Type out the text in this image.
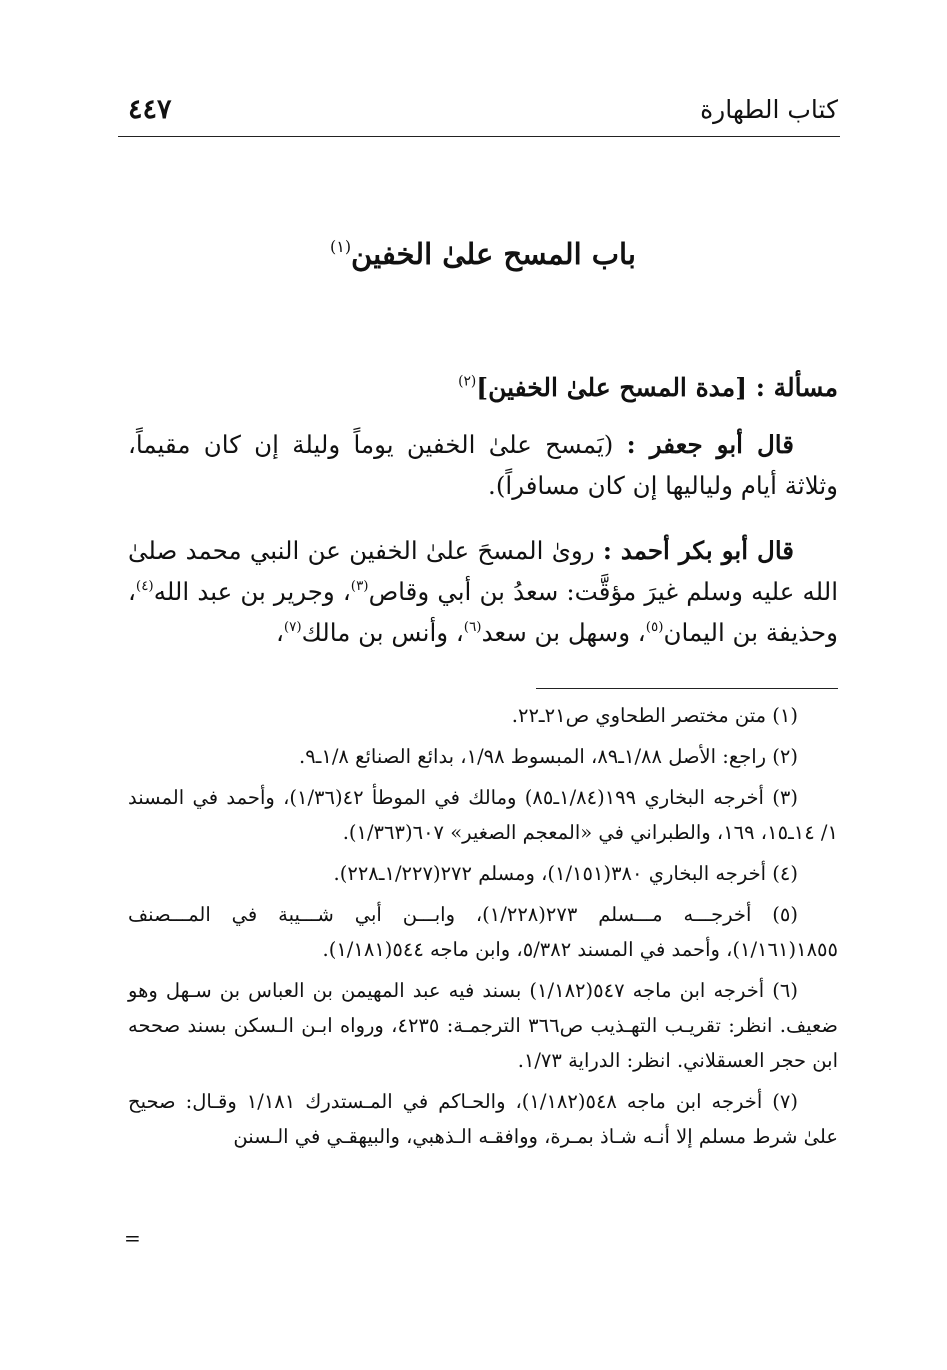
كتاب الطهارة
٤٤٧
باب المسح علىٰ الخفين$^{(١)}$
مسألة : [مدة المسح علىٰ الخفين]$^{(٢)}$
قال أبو جعفر : (يَمسح علىٰ الخفين يوماً وليلة إن كان مقيماً، وثلاثة أيام ولياليها إن كان مسافراً).
قال أبو بكر أحمد : رویٰ المسحَ علىٰ الخفين عن النبي محمد صلىٰ الله عليه وسلم غيرَ مؤقَّت: سعدُ بن أبي وقاص$^{(٣)}$، وجرير بن عبد الله$^{(٤)}$، وحذيفة بن اليمان$^{(٥)}$، وسهل بن سعد$^{(٦)}$، وأنس بن مالك$^{(٧)}$،

(١) متن مختصر الطحاوي ص٢١ـ٢٢.

(٢) راجع: الأصل ١/٨٨ـ٨٩، المبسوط ١/٩٨، بدائع الصنائع ١/٨ـ٩.

(٣) أخرجه البخاري ١٩٩(١/٨٤ـ٨٥) ومالك في الموطأ ٤٢(١/٣٦)، وأحمد في المسند ١/ ١٤ـ١٥، ١٦٩، والطبراني في «المعجم الصغير» ٦٠٧(١/٣٦٣).

(٤) أخرجه البخاري ٣٨٠(١/١٥١)، ومسلم ٢٧٢(١/٢٢٧ـ٢٢٨).

(٥) أخرجـــه مـــسلم ٢٧٣(١/٢٢٨)، وابـــن أبي شـــيبة في المـــصنف ١٨٥٥(١/١٦١)، وأحمد في المسند ٥/٣٨٢، وابن ماجه ٥٤٤(١/١٨١).

(٦) أخرجه ابن ماجه ٥٤٧(١/١٨٢) بسند فيه عبد المهيمن بن العباس بن سـهل وهو ضعيف. انظر: تقريـب التهـذيب ص٣٦٦ الترجمـة: ٤٢٣٥، ورواه ابـن الـسكن بسند صححه ابن حجر العسقلاني. انظر: الدراية ١/٧٣.

(٧) أخرجه ابن ماجه ٥٤٨(١/١٨٢)، والحـاكم في المـستدرك ١/١٨١ وقـال: صحيح علىٰ شرط مسلم إلا أنـه شـاذ بمـرة، ووافقـه الـذهبي، والبيهقـي في الـسنن

=
